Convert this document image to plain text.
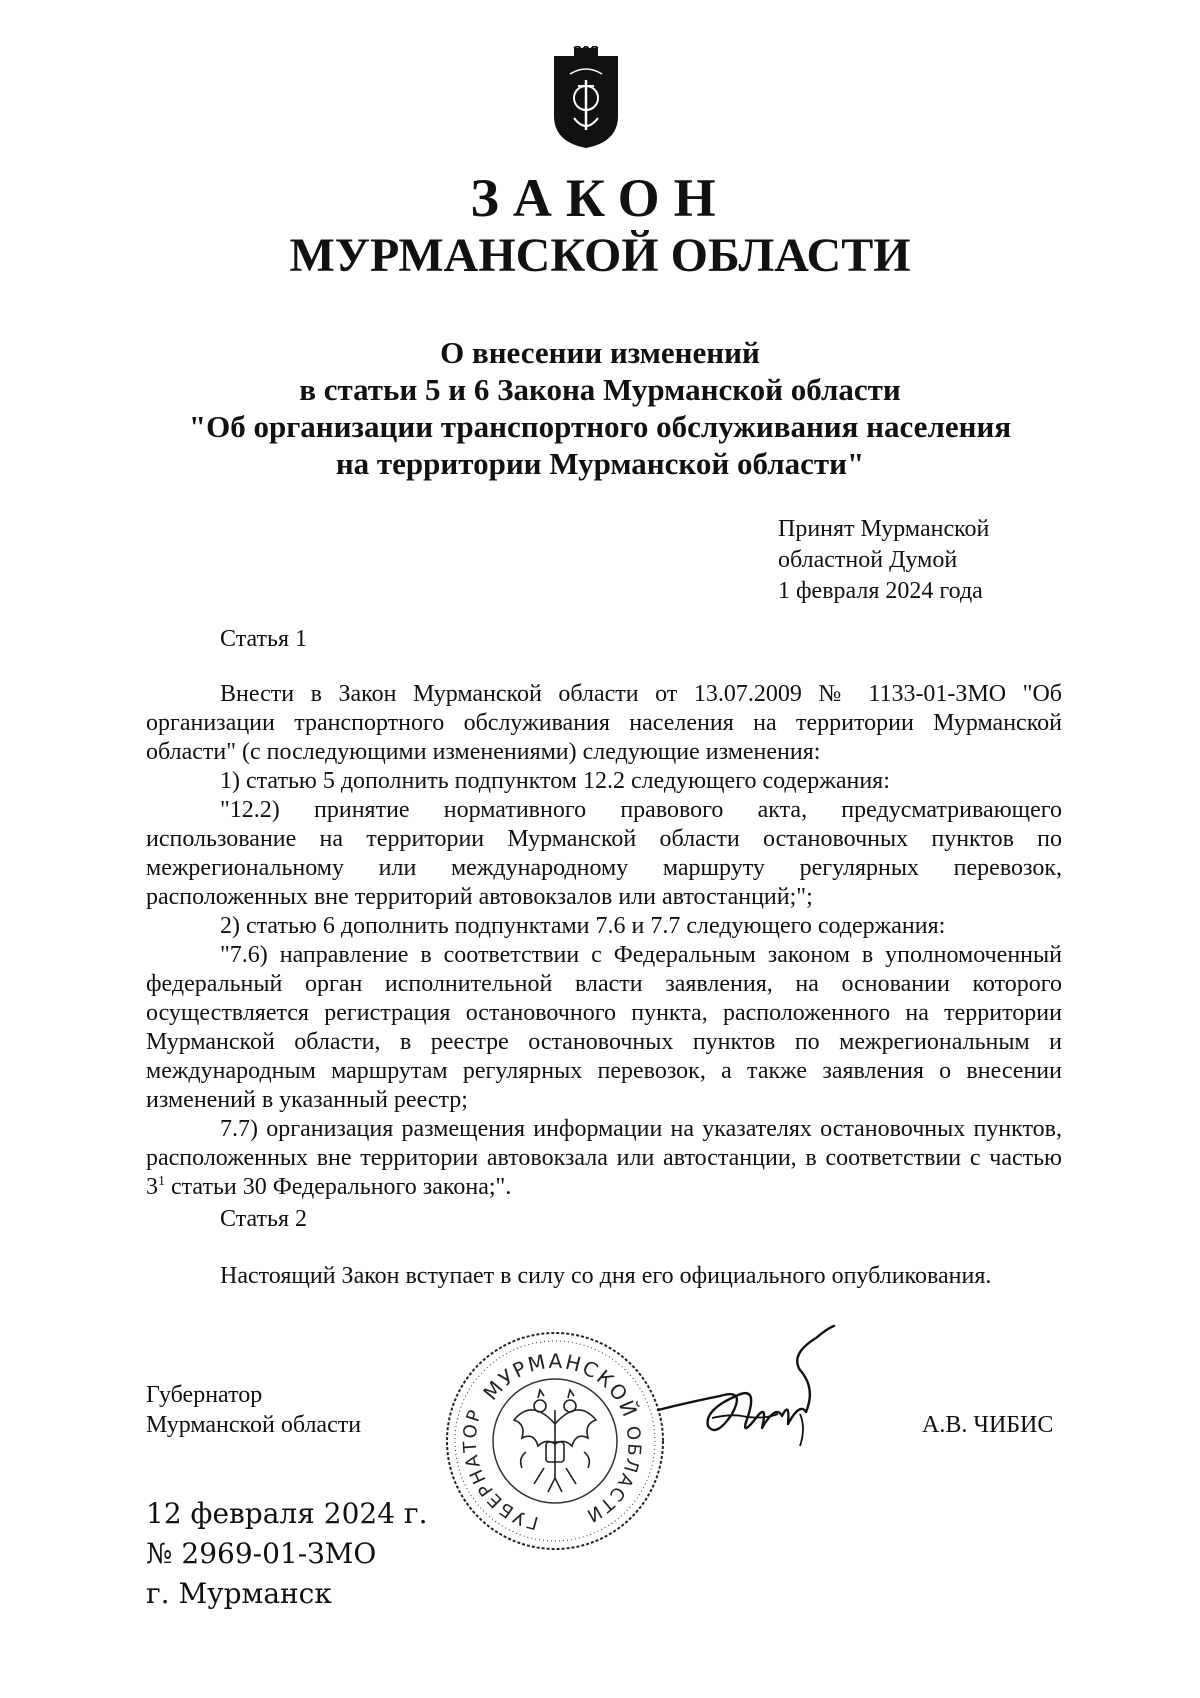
ЗАКОН
МУРМАНСКОЙ ОБЛАСТИ
О внесении изменений
в статьи 5 и 6 Закона Мурманской области
"Об организации транспортного обслуживания населения
на территории Мурманской области"
Принят Мурманской
областной Думой
1 февраля 2024 года
Статья 1

Внести в Закон Мурманской области от 13.07.2009 № 1133-01-ЗМО "Об организации транспортного обслуживания населения на территории Мурманской области" (с последующими изменениями) следующие изменения:

1) статью 5 дополнить подпунктом 12.2 следующего содержания:

"12.2) принятие нормативного правового акта, предусматривающего использование на территории Мурманской области остановочных пунктов по межрегиональному или международному маршруту регулярных перевозок, расположенных вне территорий автовокзалов или автостанций;";

2) статью 6 дополнить подпунктами 7.6 и 7.7 следующего содержания:

"7.6) направление в соответствии с Федеральным законом в уполномоченный федеральный орган исполнительной власти заявления, на основании которого осуществляется регистрация остановочного пункта, расположенного на территории Мурманской области, в реестре остановочных пунктов по межрегиональным и международным маршрутам регулярных перевозок, а также заявления о внесении изменений в указанный реестр;

7.7) организация размещения информации на указателях остановочных пунктов, расположенных вне территории автовокзала или автостанции, в соответствии с частью $3^1$ статьи 30 Федерального закона;".

Статья 2

Настоящий Закон вступает в силу со дня его официального опубликования.

Губернатор
Мурманской области
МУРМАНСКОЙ
ГУБЕРНАТОР
ОБЛАСТИ
А.В. ЧИБИС
12 февраля 2024 г.
№ 2969-01-ЗМО
г. Мурманск
